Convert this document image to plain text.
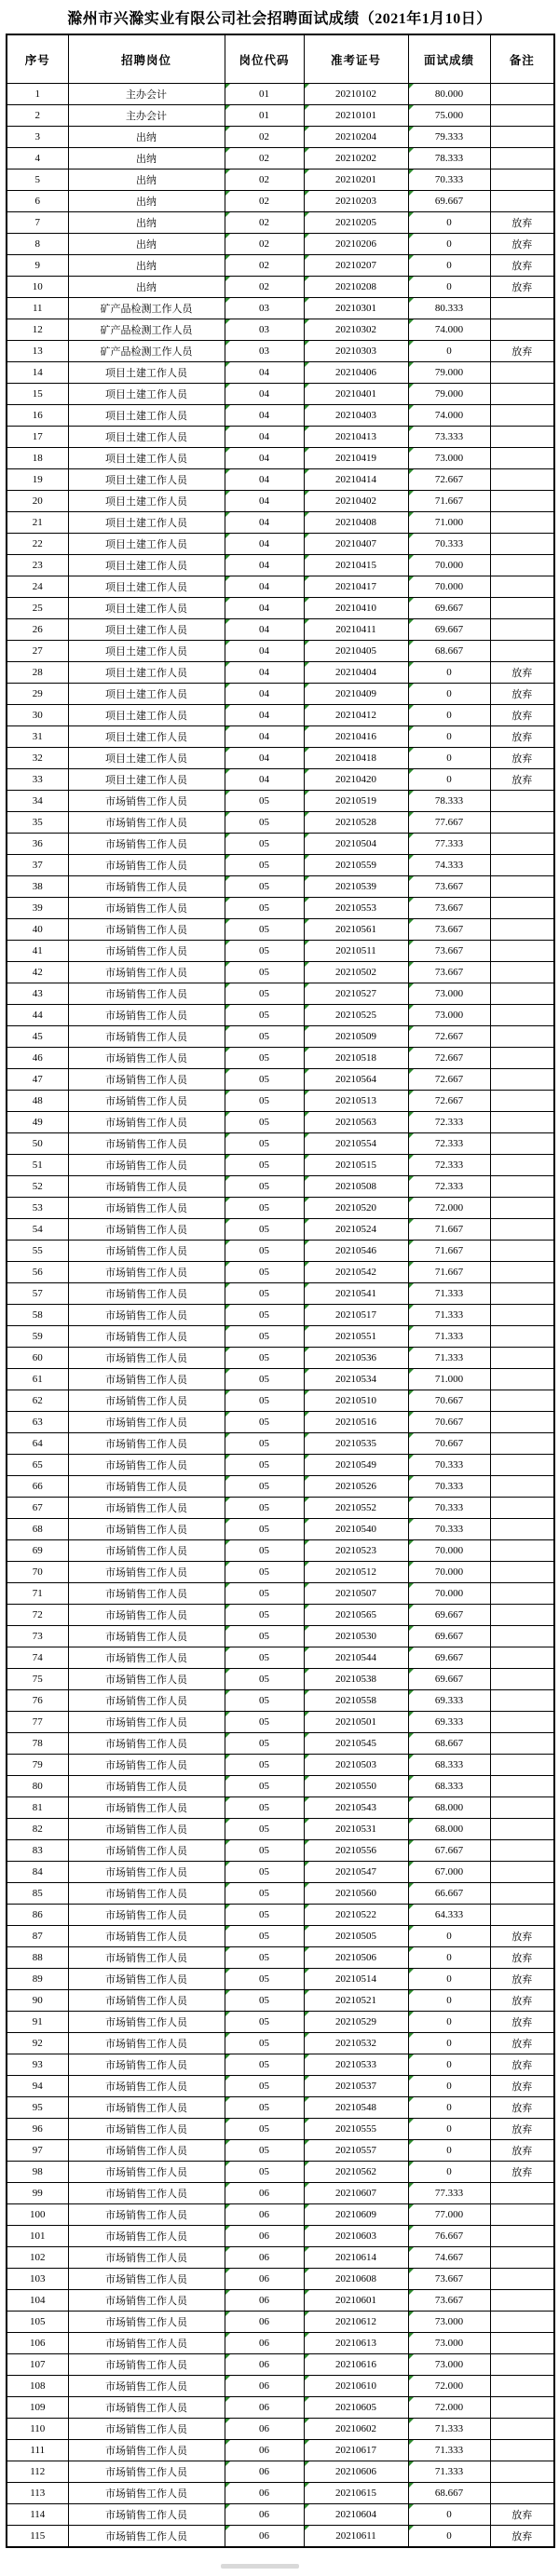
滁州市兴滁实业有限公司社会招聘面试成绩（2021年1月10日）
序号	招聘岗位	岗位代码	准考证号	面试成绩	备注
1	主办会计	01	20210102	80.000	
2	主办会计	01	20210101	75.000	
3	出纳	02	20210204	79.333	
4	出纳	02	20210202	78.333	
5	出纳	02	20210201	70.333	
6	出纳	02	20210203	69.667	
7	出纳	02	20210205	0	放弃
8	出纳	02	20210206	0	放弃
9	出纳	02	20210207	0	放弃
10	出纳	02	20210208	0	放弃
11	矿产品检测工作人员	03	20210301	80.333	
12	矿产品检测工作人员	03	20210302	74.000	
13	矿产品检测工作人员	03	20210303	0	放弃
14	项目土建工作人员	04	20210406	79.000	
15	项目土建工作人员	04	20210401	79.000	
16	项目土建工作人员	04	20210403	74.000	
17	项目土建工作人员	04	20210413	73.333	
18	项目土建工作人员	04	20210419	73.000	
19	项目土建工作人员	04	20210414	72.667	
20	项目土建工作人员	04	20210402	71.667	
21	项目土建工作人员	04	20210408	71.000	
22	项目土建工作人员	04	20210407	70.333	
23	项目土建工作人员	04	20210415	70.000	
24	项目土建工作人员	04	20210417	70.000	
25	项目土建工作人员	04	20210410	69.667	
26	项目土建工作人员	04	20210411	69.667	
27	项目土建工作人员	04	20210405	68.667	
28	项目土建工作人员	04	20210404	0	放弃
29	项目土建工作人员	04	20210409	0	放弃
30	项目土建工作人员	04	20210412	0	放弃
31	项目土建工作人员	04	20210416	0	放弃
32	项目土建工作人员	04	20210418	0	放弃
33	项目土建工作人员	04	20210420	0	放弃
34	市场销售工作人员	05	20210519	78.333	
35	市场销售工作人员	05	20210528	77.667	
36	市场销售工作人员	05	20210504	77.333	
37	市场销售工作人员	05	20210559	74.333	
38	市场销售工作人员	05	20210539	73.667	
39	市场销售工作人员	05	20210553	73.667	
40	市场销售工作人员	05	20210561	73.667	
41	市场销售工作人员	05	20210511	73.667	
42	市场销售工作人员	05	20210502	73.667	
43	市场销售工作人员	05	20210527	73.000	
44	市场销售工作人员	05	20210525	73.000	
45	市场销售工作人员	05	20210509	72.667	
46	市场销售工作人员	05	20210518	72.667	
47	市场销售工作人员	05	20210564	72.667	
48	市场销售工作人员	05	20210513	72.667	
49	市场销售工作人员	05	20210563	72.333	
50	市场销售工作人员	05	20210554	72.333	
51	市场销售工作人员	05	20210515	72.333	
52	市场销售工作人员	05	20210508	72.333	
53	市场销售工作人员	05	20210520	72.000	
54	市场销售工作人员	05	20210524	71.667	
55	市场销售工作人员	05	20210546	71.667	
56	市场销售工作人员	05	20210542	71.667	
57	市场销售工作人员	05	20210541	71.333	
58	市场销售工作人员	05	20210517	71.333	
59	市场销售工作人员	05	20210551	71.333	
60	市场销售工作人员	05	20210536	71.333	
61	市场销售工作人员	05	20210534	71.000	
62	市场销售工作人员	05	20210510	70.667	
63	市场销售工作人员	05	20210516	70.667	
64	市场销售工作人员	05	20210535	70.667	
65	市场销售工作人员	05	20210549	70.333	
66	市场销售工作人员	05	20210526	70.333	
67	市场销售工作人员	05	20210552	70.333	
68	市场销售工作人员	05	20210540	70.333	
69	市场销售工作人员	05	20210523	70.000	
70	市场销售工作人员	05	20210512	70.000	
71	市场销售工作人员	05	20210507	70.000	
72	市场销售工作人员	05	20210565	69.667	
73	市场销售工作人员	05	20210530	69.667	
74	市场销售工作人员	05	20210544	69.667	
75	市场销售工作人员	05	20210538	69.667	
76	市场销售工作人员	05	20210558	69.333	
77	市场销售工作人员	05	20210501	69.333	
78	市场销售工作人员	05	20210545	68.667	
79	市场销售工作人员	05	20210503	68.333	
80	市场销售工作人员	05	20210550	68.333	
81	市场销售工作人员	05	20210543	68.000	
82	市场销售工作人员	05	20210531	68.000	
83	市场销售工作人员	05	20210556	67.667	
84	市场销售工作人员	05	20210547	67.000	
85	市场销售工作人员	05	20210560	66.667	
86	市场销售工作人员	05	20210522	64.333	
87	市场销售工作人员	05	20210505	0	放弃
88	市场销售工作人员	05	20210506	0	放弃
89	市场销售工作人员	05	20210514	0	放弃
90	市场销售工作人员	05	20210521	0	放弃
91	市场销售工作人员	05	20210529	0	放弃
92	市场销售工作人员	05	20210532	0	放弃
93	市场销售工作人员	05	20210533	0	放弃
94	市场销售工作人员	05	20210537	0	放弃
95	市场销售工作人员	05	20210548	0	放弃
96	市场销售工作人员	05	20210555	0	放弃
97	市场销售工作人员	05	20210557	0	放弃
98	市场销售工作人员	05	20210562	0	放弃
99	市场销售工作人员	06	20210607	77.333	
100	市场销售工作人员	06	20210609	77.000	
101	市场销售工作人员	06	20210603	76.667	
102	市场销售工作人员	06	20210614	74.667	
103	市场销售工作人员	06	20210608	73.667	
104	市场销售工作人员	06	20210601	73.667	
105	市场销售工作人员	06	20210612	73.000	
106	市场销售工作人员	06	20210613	73.000	
107	市场销售工作人员	06	20210616	73.000	
108	市场销售工作人员	06	20210610	72.000	
109	市场销售工作人员	06	20210605	72.000	
110	市场销售工作人员	06	20210602	71.333	
111	市场销售工作人员	06	20210617	71.333	
112	市场销售工作人员	06	20210606	71.333	
113	市场销售工作人员	06	20210615	68.667	
114	市场销售工作人员	06	20210604	0	放弃
115	市场销售工作人员	06	20210611	0	放弃
